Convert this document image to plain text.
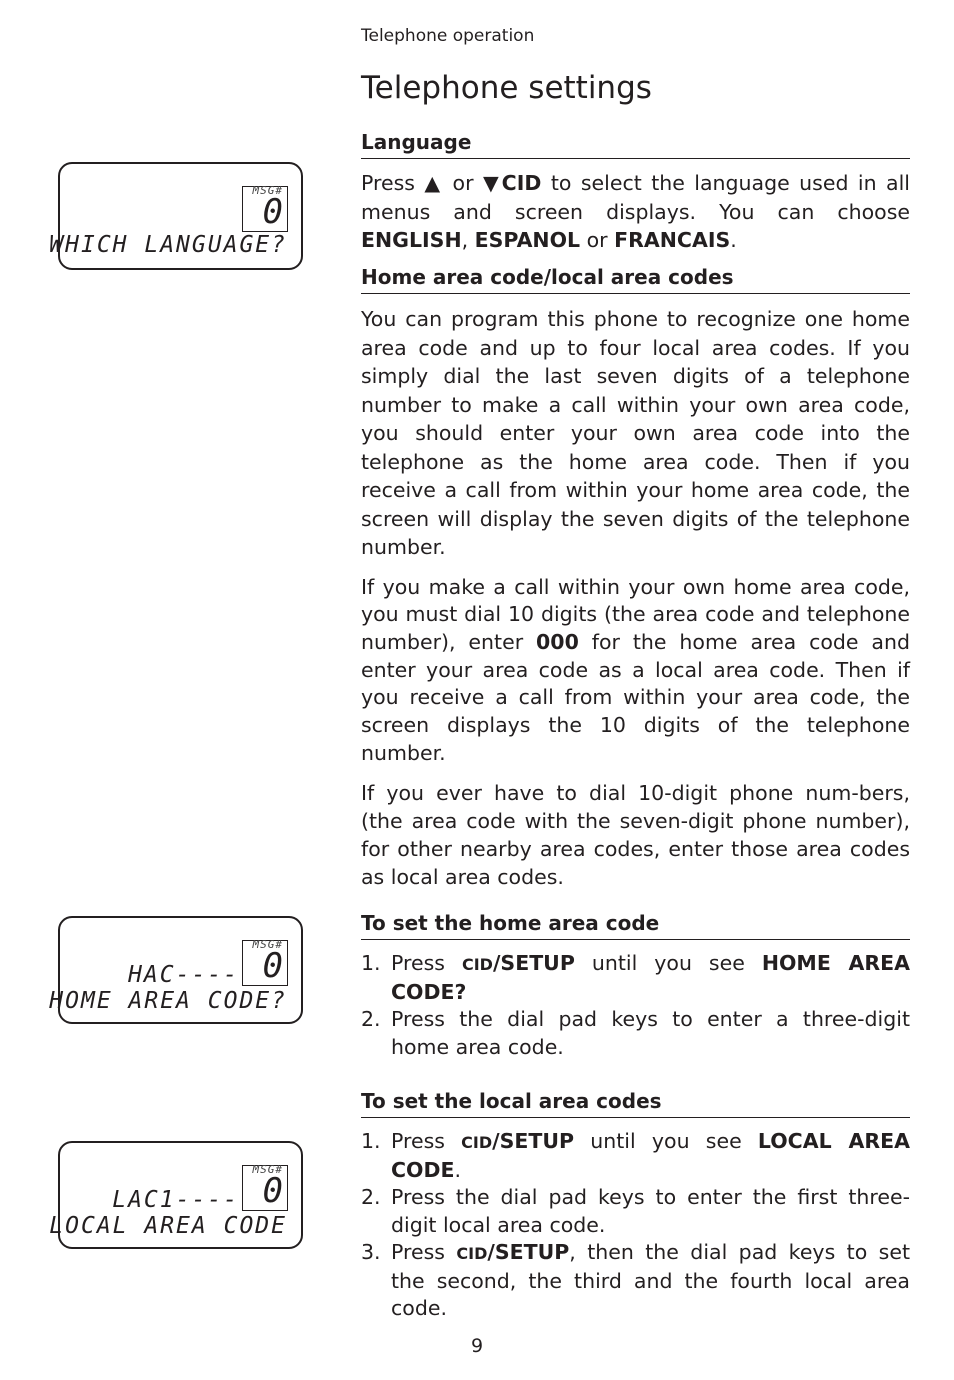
Telephone operation
Telephone settings
Language

Press ▲ or ▼CID to select the language used in all menus and screen displays. You can choose ENGLISH, ESPANOL or FRANCAIS.

Home area code/local area codes

You can program this phone to recognize one home area code and up to four local area codes. If you simply dial the last seven digits of a telephone number to make a call within your own area code, you should enter your own area code into the telephone as the home area code. Then if you receive a call from within your home area code, the screen will display the seven digits of the telephone number.

If you make a call within your own home area code, you must dial 10 digits (the area code and telephone number), enter 000 for the home area code and enter your area code as a local area code. Then if you receive a call from within your area code, the screen displays the 10 digits of the telephone number.

If you ever have to dial 10-digit phone num-bers, (the area code with the seven-digit phone number), for other nearby area codes, enter those area codes as local area codes.

To set the home area code
1. Press CID/SETUP until you see HOME AREA CODE?
2. Press the dial pad keys to enter a three-digit home area code.
To set the local area codes
1. Press CID/SETUP until you see LOCAL AREA CODE.
2. Press the dial pad keys to enter the first three-digit local area code.
3. Press CID/SETUP, then the dial pad keys to set the second, the third and the fourth local area code.
MSG#
0
WHICH LANGUAGE?
MSG#
0
HAC----
HOME AREA CODE?
MSG#
0
LAC1----
LOCAL AREA CODE
9
